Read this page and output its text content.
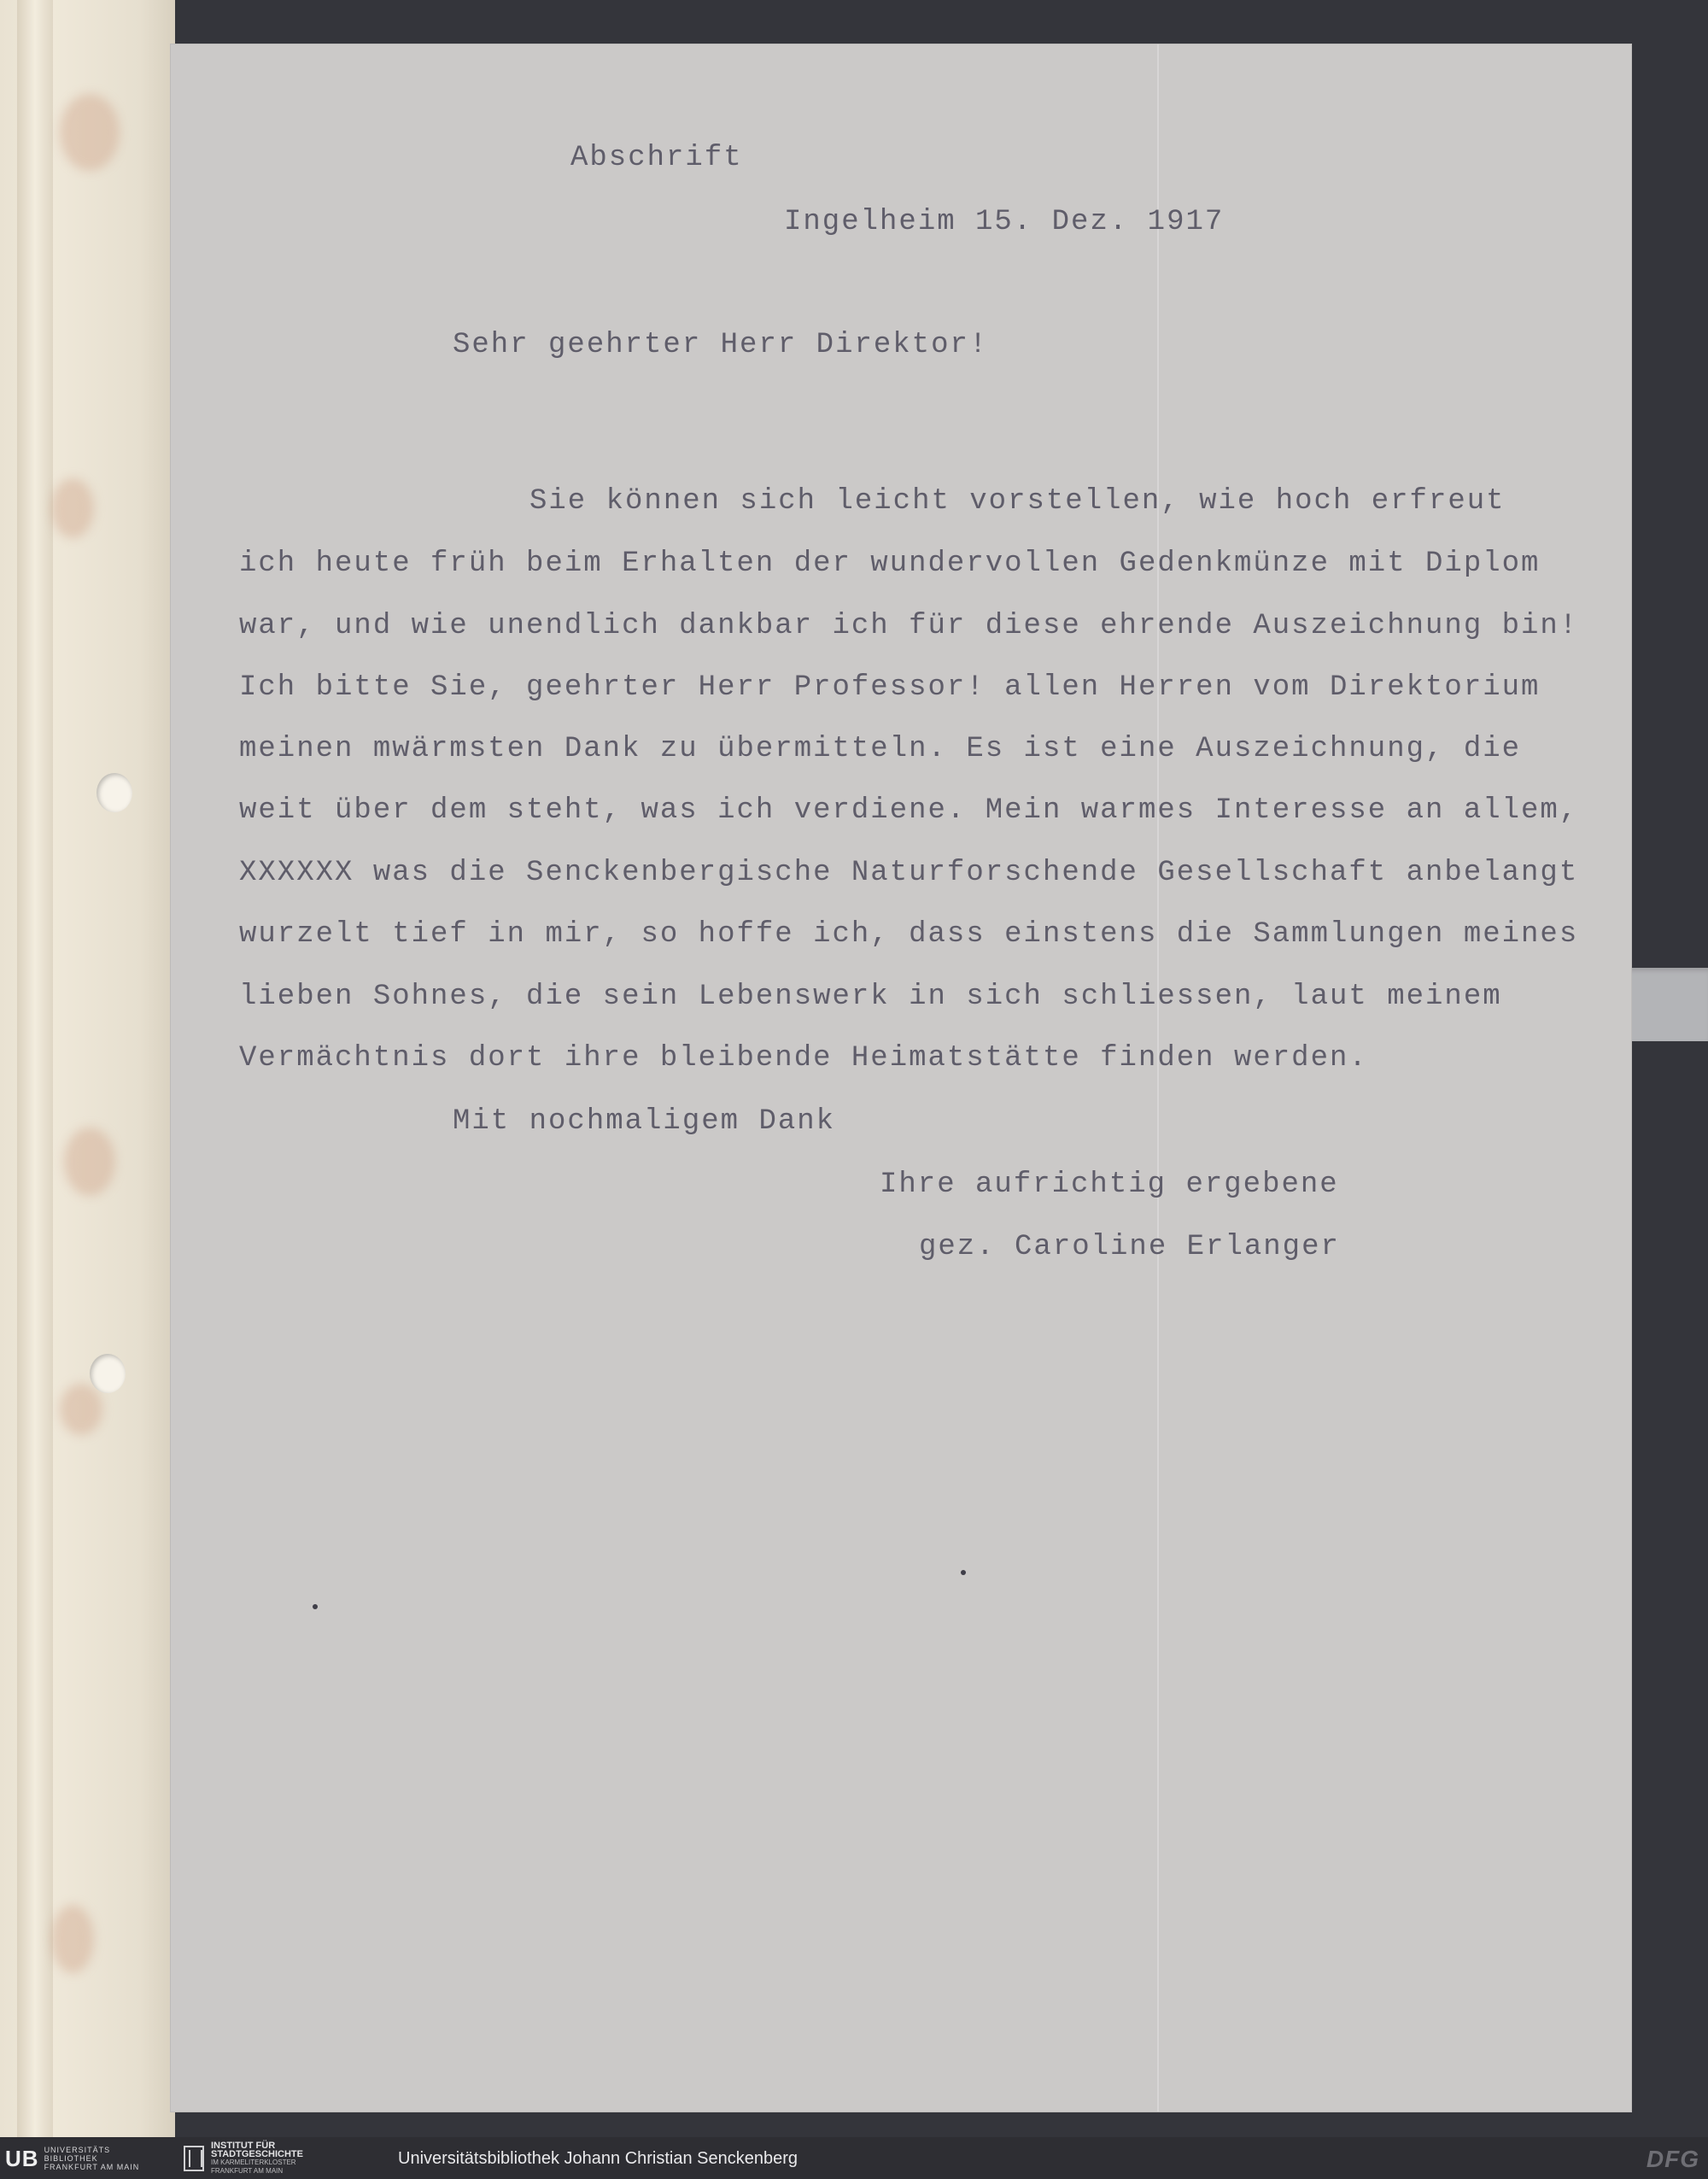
Abschrift
Ingelheim 15. Dez. 1917
Sehr geehrter Herr Direktor!
Sie können sich leicht vorstellen, wie hoch erfreut
ich heute früh beim Erhalten der wundervollen Gedenkmünze mit Diplom
war, und wie unendlich dankbar ich für diese ehrende Auszeichnung bin!
Ich bitte Sie, geehrter Herr Professor! allen Herren vom Direktorium
meinen mwärmsten Dank zu übermitteln. Es ist eine Auszeichnung, die
weit über dem steht, was ich verdiene. Mein warmes Interesse an allem,
XXXXXX was die Senckenbergische Naturforschende Gesellschaft anbelangt
wurzelt tief in mir, so hoffe ich, dass einstens die Sammlungen meines
lieben Sohnes, die sein Lebenswerk in sich schliessen, laut meinem
Vermächtnis dort ihre bleibende Heimatstätte finden werden.
Mit nochmaligem Dank
Ihre aufrichtig ergebene
gez. Caroline Erlanger
UB UNIVERSITÄTS
BIBLIOTHEK
FRANKFURT AM MAIN
INSTITUT FÜR
STADTGESCHICHTE
IM KARMELITERKLOSTER
FRANKFURT AM MAIN
Universitätsbibliothek Johann Christian Senckenberg	DFG
